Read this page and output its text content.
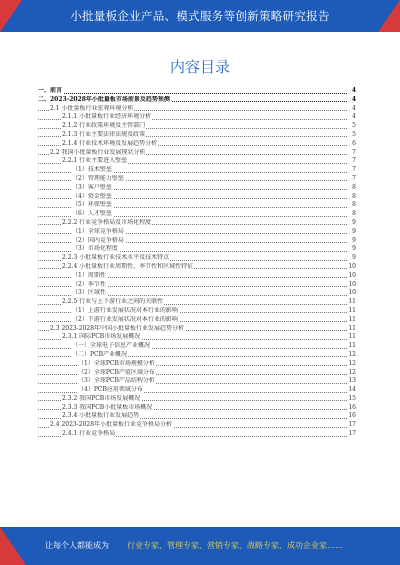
小批量板企业产品、模式服务等创新策略研究报告
内容目录
一、前言	4
二、2023-2028年小批量板市场前景及趋势预测	4
2.1 小批量板行业宏观环境分析	4
2.1.1 小批量板行业经济环境分析	4
2.1.2 行业政策环境及主管部门	5
2.1.3 行业主要法律法规及政策	5
2.1.4 行业技术环境及发展趋势分析	6
2.2 我国小批量板行业发展现状分析	7
2.2.1 行业主要进入壁垒	7
（1）技术壁垒	7
（2）管理能力壁垒	7
（3）客户壁垒	8
（4）资金壁垒	8
（5）环保壁垒	8
（6）人才壁垒	8
2.2.2 行业竞争格局及市场化程度	9
（1）全球竞争格局	9
（2）国内竞争格局	9
（3）市场化程度	9
2.2.3 小批量板行业技术水平及技术特点	9
2.2.4 小批量板行业周期性、季节性和区域性特征	10
（1）周期性	10
（2）季节性	10
（3）区域性	10
2.2.5 行业与上下游行业之间的关联性	11
（1）上游行业发展状况对本行业的影响	11
（2）下游行业发展状况对本行业的影响	11
2.3 2023-2028年中国小批量板行业发展趋势分析	11
2.3.1 国际PCB市场发展概况	11
（一）全球电子信息产业概况	11
（二）PCB产业概况	12
（1）全球PCB市场规模分析	12
（2）全球PCB产值区域分布	12
（3）全球PCB产品结构分析	13
（4）PCB应用领域分布	14
2.3.2 我国PCB市场发展概况	15
2.3.3 我国PCB小批量板市场概况	16
2.3.4 小批量板行业发展趋势	16
2.4 2023-2028年小批量板行业竞争格局分析	17
2.4.1 行业竞争格局	17
让每个人都能成为 行业专家、管理专家、营销专家、战略专家、成功企业家……
